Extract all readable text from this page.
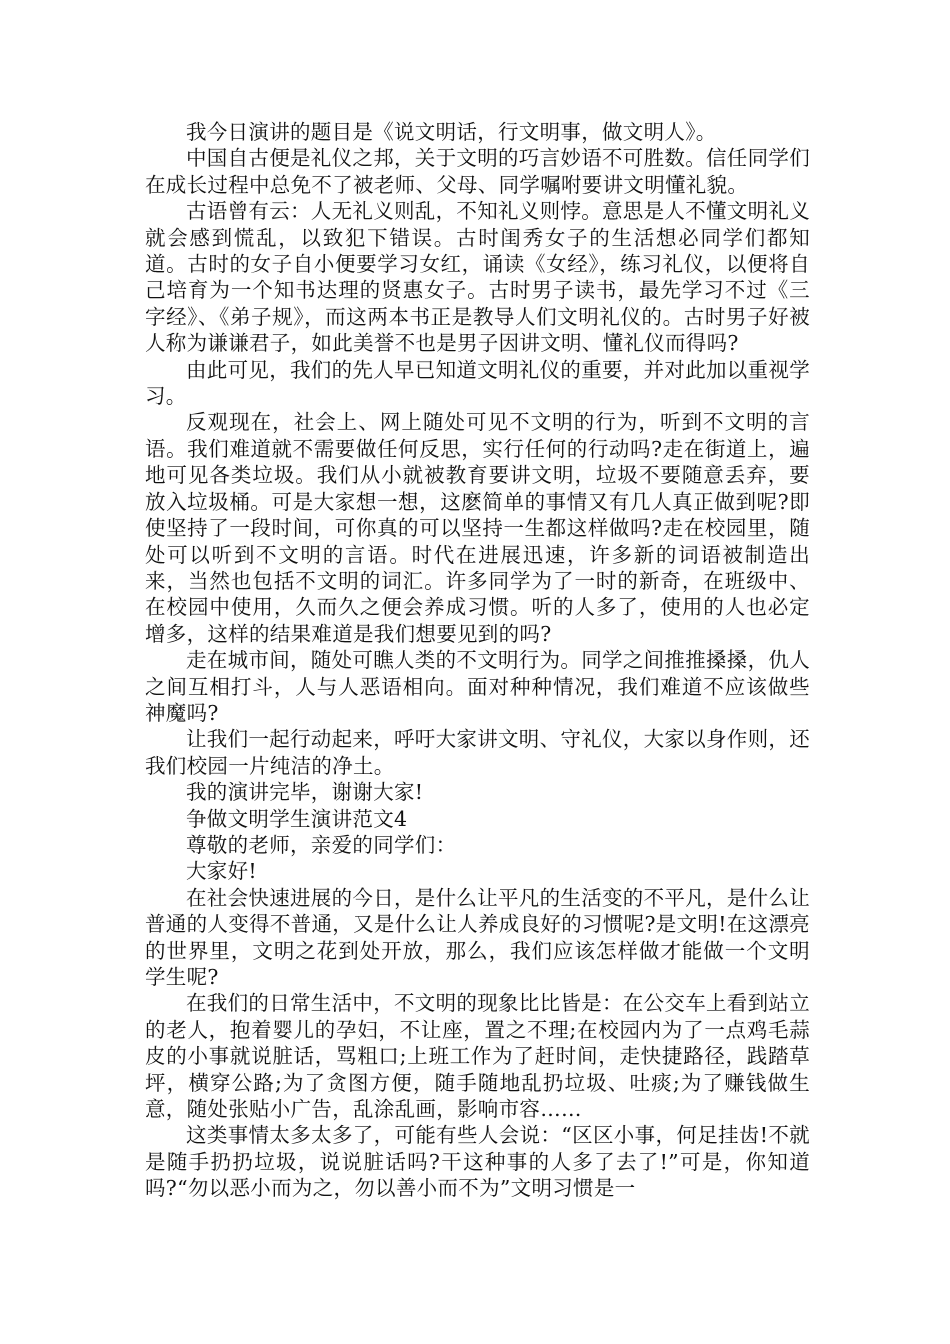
我今日演讲的题目是《说文明话，行文明事，做文明人》。

中国自古便是礼仪之邦，关于文明的巧言妙语不可胜数。信任同学们在成长过程中总免不了被老师、父母、同学嘱咐要讲文明懂礼貌。

古语曾有云：人无礼义则乱，不知礼义则悖。意思是人不懂文明礼义就会感到慌乱，以致犯下错误。古时闺秀女子的生活想必同学们都知道。古时的女子自小便要学习女红，诵读《女经》，练习礼仪，以便将自己培育为一个知书达理的贤惠女子。古时男子读书，最先学习不过《三字经》、《弟子规》，而这两本书正是教导人们文明礼仪的。古时男子好被人称为谦谦君子，如此美誉不也是男子因讲文明、懂礼仪而得吗?

由此可见，我们的先人早已知道文明礼仪的重要，并对此加以重视学习。

反观现在，社会上、网上随处可见不文明的行为，听到不文明的言语。我们难道就不需要做任何反思，实行任何的行动吗?走在街道上，遍地可见各类垃圾。我们从小就被教育要讲文明，垃圾不要随意丢弃，要放入垃圾桶。可是大家想一想，这麽简单的事情又有几人真正做到呢?即使坚持了一段时间，可你真的可以坚持一生都这样做吗?走在校园里，随处可以听到不文明的言语。时代在进展迅速，许多新的词语被制造出来，当然也包括不文明的词汇。许多同学为了一时的新奇，在班级中、在校园中使用，久而久之便会养成习惯。听的人多了，使用的人也必定增多，这样的结果难道是我们想要见到的吗?

走在城市间，随处可瞧人类的不文明行为。同学之间推推搡搡，仇人之间互相打斗，人与人恶语相向。面对种种情况，我们难道不应该做些神魔吗?

让我们一起行动起来，呼吁大家讲文明、守礼仪，大家以身作则，还我们校园一片纯洁的净土。

我的演讲完毕，谢谢大家!

争做文明学生演讲范文4

尊敬的老师，亲爱的同学们：

大家好!

在社会快速进展的今日，是什么让平凡的生活变的不平凡，是什么让普通的人变得不普通，又是什么让人养成良好的习惯呢?是文明!在这漂亮的世界里，文明之花到处开放，那么，我们应该怎样做才能做一个文明学生呢?

在我们的日常生活中，不文明的现象比比皆是：在公交车上看到站立的老人，抱着婴儿的孕妇，不让座，置之不理;在校园内为了一点鸡毛蒜皮的小事就说脏话，骂粗口;上班工作为了赶时间，走快捷路径，践踏草坪，横穿公路;为了贪图方便，随手随地乱扔垃圾、吐痰;为了赚钱做生意，随处张贴小广告，乱涂乱画，影响市容……

这类事情太多太多了，可能有些人会说：“区区小事，何足挂齿!不就是随手扔扔垃圾，说说脏话吗?干这种事的人多了去了!”可是，你知道吗?“勿以恶小而为之，勿以善小而不为”文明习惯是一
